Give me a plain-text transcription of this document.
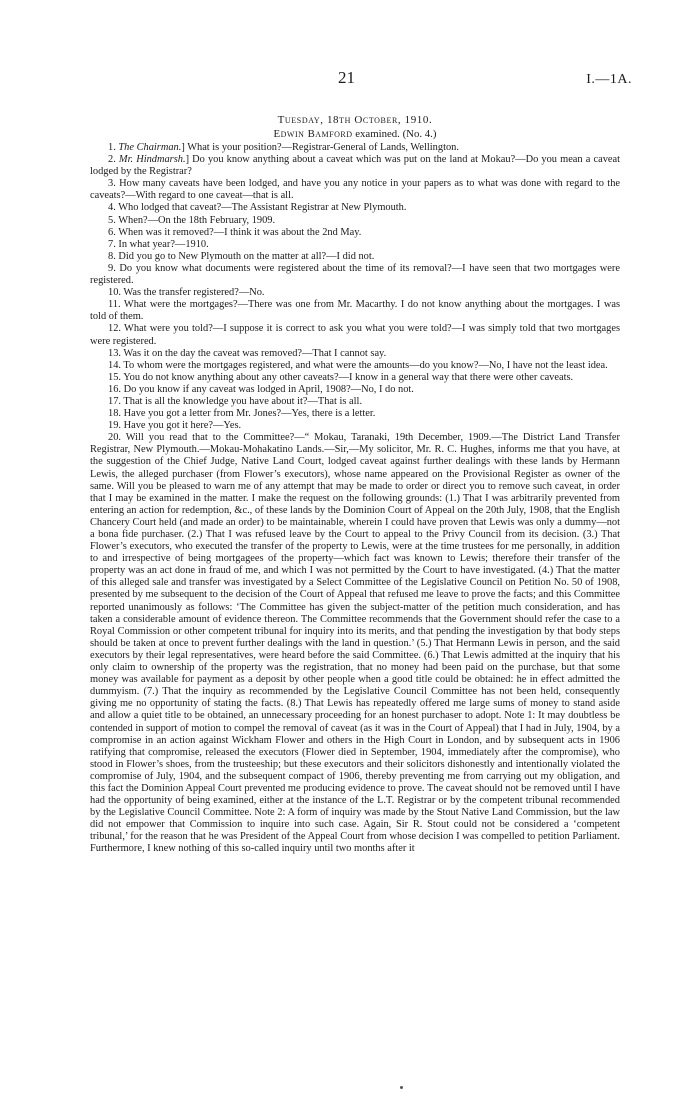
21	I.—1A.
Tuesday, 18th October, 1910.
Edwin Bamford examined. (No. 4.)

1. The Chairman.] What is your position?—Registrar-General of Lands, Wellington.

2. Mr. Hindmarsh.] Do you know anything about a caveat which was put on the land at Mokau?—Do you mean a caveat lodged by the Registrar?

3. How many caveats have been lodged, and have you any notice in your papers as to what was done with regard to the caveats?—With regard to one caveat—that is all.

4. Who lodged that caveat?—The Assistant Registrar at New Plymouth.

5. When?—On the 18th February, 1909.

6. When was it removed?—I think it was about the 2nd May.

7. In what year?—1910.

8. Did you go to New Plymouth on the matter at all?—I did not.

9. Do you know what documents were registered about the time of its removal?—I have seen that two mortgages were registered.

10. Was the transfer registered?—No.

11. What were the mortgages?—There was one from Mr. Macarthy. I do not know anything about the mortgages. I was told of them.

12. What were you told?—I suppose it is correct to ask you what you were told?—I was simply told that two mortgages were registered.

13. Was it on the day the caveat was removed?—That I cannot say.

14. To whom were the mortgages registered, and what were the amounts—do you know?—No, I have not the least idea.

15. You do not know anything about any other caveats?—I know in a general way that there were other caveats.

16. Do you know if any caveat was lodged in April, 1908?—No, I do not.

17. That is all the knowledge you have about it?—That is all.

18. Have you got a letter from Mr. Jones?—Yes, there is a letter.

19. Have you got it here?—Yes.

20. Will you read that to the Committee?—“ Mokau, Taranaki, 19th December, 1909.—The District Land Transfer Registrar, New Plymouth.—Mokau-Mohakatino Lands.—Sir,—My solicitor, Mr. R. C. Hughes, informs me that you have, at the suggestion of the Chief Judge, Native Land Court, lodged caveat against further dealings with these lands by Hermann Lewis, the alleged purchaser (from Flower’s executors), whose name appeared on the Provisional Register as owner of the same. Will you be pleased to warn me of any attempt that may be made to order or direct you to remove such caveat, in order that I may be examined in the matter. I make the request on the following grounds: (1.) That I was arbitrarily prevented from entering an action for redemption, &c., of these lands by the Dominion Court of Appeal on the 20th July, 1908, that the English Chancery Court held (and made an order) to be maintainable, wherein I could have proven that Lewis was only a dummy—not a bona fide purchaser. (2.) That I was refused leave by the Court to appeal to the Privy Council from its decision. (3.) That Flower’s executors, who executed the transfer of the property to Lewis, were at the time trustees for me personally, in addition to and irrespective of being mortgagees of the property—which fact was known to Lewis; therefore their transfer of the property was an act done in fraud of me, and which I was not permitted by the Court to have investigated. (4.) That the matter of this alleged sale and transfer was investigated by a Select Committee of the Legislative Council on Petition No. 50 of 1908, presented by me subsequent to the decision of the Court of Appeal that refused me leave to prove the facts; and this Committee reported unanimously as follows: ‘The Committee has given the subject-matter of the petition much consideration, and has taken a considerable amount of evidence thereon. The Committee recommends that the Government should refer the case to a Royal Commission or other competent tribunal for inquiry into its merits, and that pending the investigation by that body steps should be taken at once to prevent further dealings with the land in question.’ (5.) That Hermann Lewis in person, and the said executors by their legal representatives, were heard before the said Committee. (6.) That Lewis admitted at the inquiry that his only claim to ownership of the property was the registration, that no money had been paid on the purchase, but that some money was available for payment as a deposit by other people when a good title could be obtained: he in effect admitted the dummyism. (7.) That the inquiry as recommended by the Legislative Council Committee has not been held, consequently giving me no opportunity of stating the facts. (8.) That Lewis has repeatedly offered me large sums of money to stand aside and allow a quiet title to be obtained, an unnecessary proceeding for an honest purchaser to adopt. Note 1: It may doubtless be contended in support of motion to compel the removal of caveat (as it was in the Court of Appeal) that I had in July, 1904, by a compromise in an action against Wickham Flower and others in the High Court in London, and by subsequent acts in 1906 ratifying that compromise, released the executors (Flower died in September, 1904, immediately after the compromise), who stood in Flower’s shoes, from the trusteeship; but these executors and their solicitors dishonestly and intentionally violated the compromise of July, 1904, and the subsequent compact of 1906, thereby preventing me from carrying out my obligation, and this fact the Dominion Appeal Court prevented me producing evidence to prove. The caveat should not be removed until I have had the opportunity of being examined, either at the instance of the L.T. Registrar or by the competent tribunal recommended by the Legislative Council Committee. Note 2: A form of inquiry was made by the Stout Native Land Commission, but the law did not empower that Commission to inquire into such case. Again, Sir R. Stout could not be considered a ‘competent tribunal,’ for the reason that he was President of the Appeal Court from whose decision I was compelled to petition Parliament. Furthermore, I knew nothing of this so-called inquiry until two months after it
